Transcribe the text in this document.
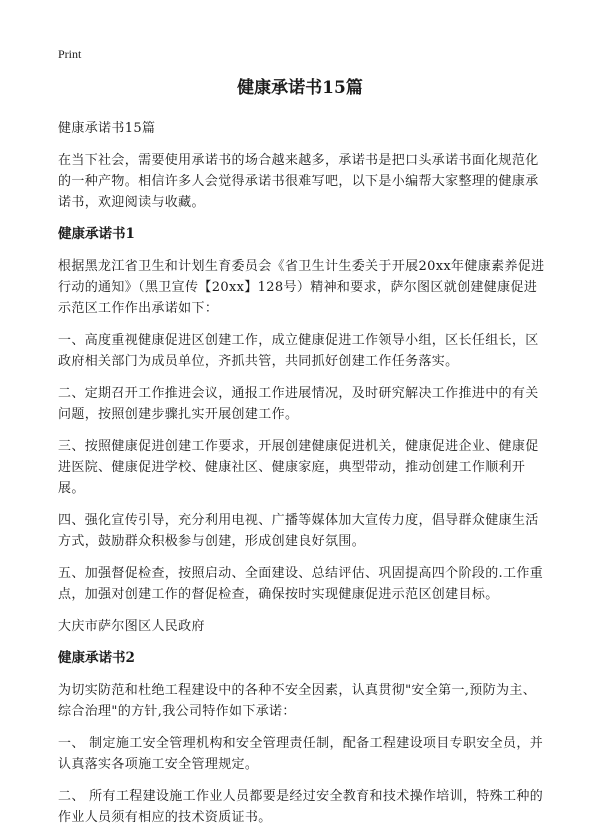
Print
健康承诺书15篇

健康承诺书15篇

在当下社会，需要使用承诺书的场合越来越多，承诺书是把口头承诺书面化规范化的一种产物。相信许多人会觉得承诺书很难写吧，以下是小编帮大家整理的健康承诺书，欢迎阅读与收藏。

健康承诺书1

根据黑龙江省卫生和计划生育委员会《省卫生计生委关于开展20xx年健康素养促进行动的通知》（黑卫宣传【20xx】128号）精神和要求，萨尔图区就创建健康促进示范区工作作出承诺如下：

一、高度重视健康促进区创建工作，成立健康促进工作领导小组，区长任组长，区政府相关部门为成员单位，齐抓共管，共同抓好创建工作任务落实。

二、定期召开工作推进会议，通报工作进展情况，及时研究解决工作推进中的有关问题，按照创建步骤扎实开展创建工作。

三、按照健康促进创建工作要求，开展创建健康促进机关，健康促进企业、健康促进医院、健康促进学校、健康社区、健康家庭，典型带动，推动创建工作顺利开展。

四、强化宣传引导，充分利用电视、广播等媒体加大宣传力度，倡导群众健康生活方式，鼓励群众积极参与创建，形成创建良好氛围。

五、加强督促检查，按照启动、全面建设、总结评估、巩固提高四个阶段的.工作重点，加强对创建工作的督促检查，确保按时实现健康促进示范区创建目标。

大庆市萨尔图区人民政府

健康承诺书2

为切实防范和杜绝工程建设中的各种不安全因素，认真贯彻"安全第一,预防为主、综合治理"的方针,我公司特作如下承诺：

一、 制定施工安全管理机构和安全管理责任制，配备工程建设项目专职安全员，并认真落实各项施工安全管理规定。

二、 所有工程建设施工作业人员都要是经过安全教育和技术操作培训，特殊工种的作业人员须有相应的技术资质证书。
